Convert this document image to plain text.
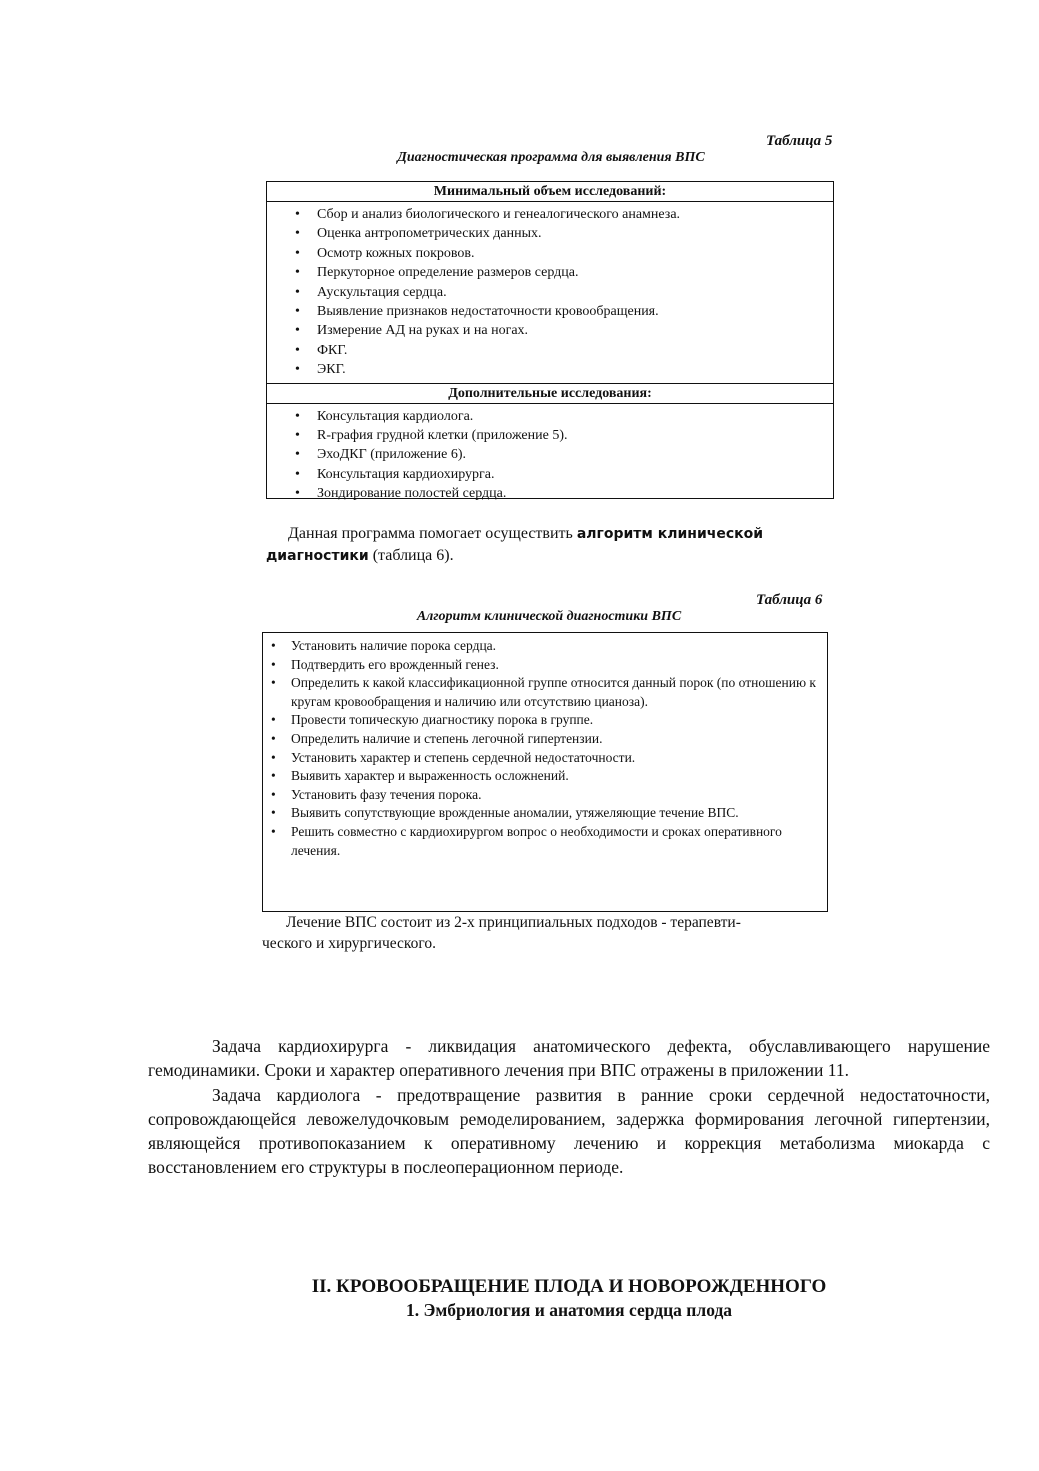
Таблица 5
Диагностическая программа для выявления ВПС
Минимальный объем исследований:
• Сбор и анализ биологического и генеалогического анамнеза.
• Оценка антропометрических данных.
• Осмотр кожных покровов.
• Перкуторное определение размеров сердца.
• Аускультация сердца.
• Выявление признаков недостаточности кровообращения.
• Измерение АД на руках и на ногах.
• ФКГ.
• ЭКГ.
Дополнительные исследования:
• Консультация кардиолога.
• R-графия грудной клетки (приложение 5).
• ЭхоДКГ (приложение 6).
• Консультация кардиохирурга.
• Зондирование полостей сердца.
Данная программа помогает осуществить алгоритм клинической
диагностики (таблица 6).
Таблица 6
Алгоритм клинической диагностики ВПС
• Установить наличие порока сердца.
• Подтвердить его врожденный генез.
• Определить к какой классификационной группе относится данный порок (по отношению к кругам кровообращения и наличию или отсутствию цианоза).
• Провести топическую диагностику порока в группе.
• Определить наличие и степень легочной гипертензии.
• Установить характер и степень сердечной недостаточности.
• Выявить характер и выраженность осложнений.
• Установить фазу течения порока.
• Выявить сопутствующие врожденные аномалии, утяжеляющие течение ВПС.
• Решить совместно с кардиохирургом вопрос о необходимости и сроках оперативного лечения.
Лечение ВПС состоит из 2-х принципиальных подходов - терапевти-
ческого и хирургического.

Задача кардиохирурга - ликвидация анатомического дефекта, обуславливающего нарушение гемодинамики. Сроки и характер оперативного лечения при ВПС отражены в приложении 11.

Задача кардиолога - предотвращение развития в ранние сроки сердечной недостаточности, сопровождающейся левожелудочковым ремоделированием, задержка формирования легочной гипертензии, являющейся противопоказанием к оперативному лечению и коррекция метаболизма миокарда с восстановлением его структуры в послеоперационном периоде.

II. КРОВООБРАЩЕНИЕ ПЛОДА И НОВОРОЖДЕННОГО
1. Эмбриология и анатомия сердца плода
